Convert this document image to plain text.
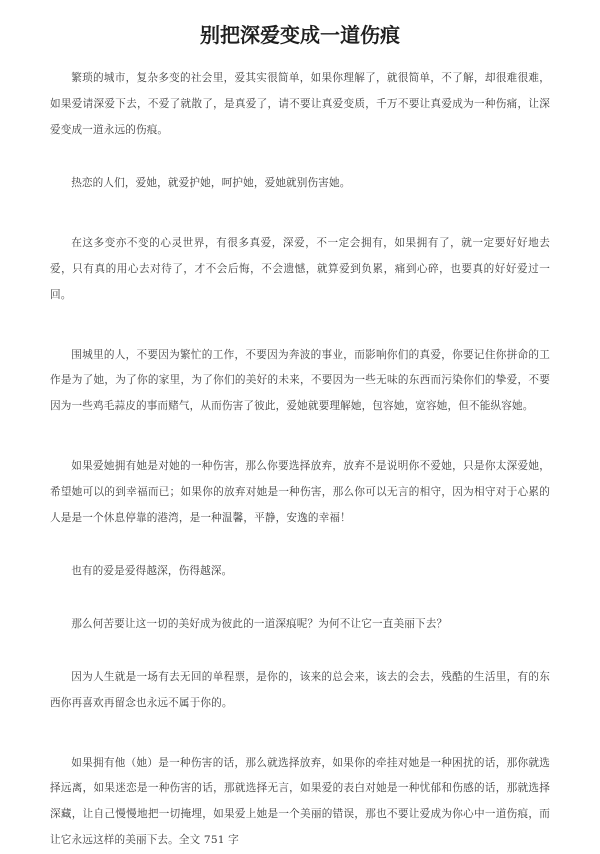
别把深爱变成一道伤痕

繁琐的城市，复杂多变的社会里，爱其实很简单，如果你理解了，就很简单，不了解，却很难很难，如果爱请深爱下去，不爱了就散了，是真爱了，请不要让真爱变质，千万不要让真爱成为一种伤痛，让深爱变成一道永远的伤痕。

热恋的人们，爱她，就爱护她，呵护她，爱她就别伤害她。

在这多变亦不变的心灵世界，有很多真爱，深爱，不一定会拥有，如果拥有了，就一定要好好地去爱，只有真的用心去对待了，才不会后悔，不会遗憾，就算爱到负累，痛到心碎，也要真的好好爱过一回。

围城里的人，不要因为繁忙的工作，不要因为奔波的事业，而影响你们的真爱，你要记住你拼命的工作是为了她，为了你的家里，为了你们的美好的未来，不要因为一些无味的东西而污染你们的挚爱，不要因为一些鸡毛蒜皮的事而赌气，从而伤害了彼此，爱她就要理解她，包容她，宽容她，但不能纵容她。

如果爱她拥有她是对她的一种伤害，那么你要选择放弃，放弃不是说明你不爱她，只是你太深爱她，希望她可以的到幸福而已；如果你的放弃对她是一种伤害，那么你可以无言的相守，因为相守对于心累的人是是一个休息停靠的港湾，是一种温馨，平静，安逸的幸福！

也有的爱是爱得越深，伤得越深。

那么何苦要让这一切的美好成为彼此的一道深痕呢？为何不让它一直美丽下去？

因为人生就是一场有去无回的单程票，是你的，该来的总会来，该去的会去，残酷的生活里，有的东西你再喜欢再留念也永远不属于你的。

如果拥有他（她）是一种伤害的话，那么就选择放弃，如果你的牵挂对她是一种困扰的话，那你就选择远离，如果迷恋是一种伤害的话，那就选择无言，如果爱的表白对她是一种忧郁和伤感的话，那就选择深藏，让自己慢慢地把一切掩埋，如果爱上她是一个美丽的错误，那也不要让爱成为你心中一道伤痕，而让它永远这样的美丽下去。全文 751 字
